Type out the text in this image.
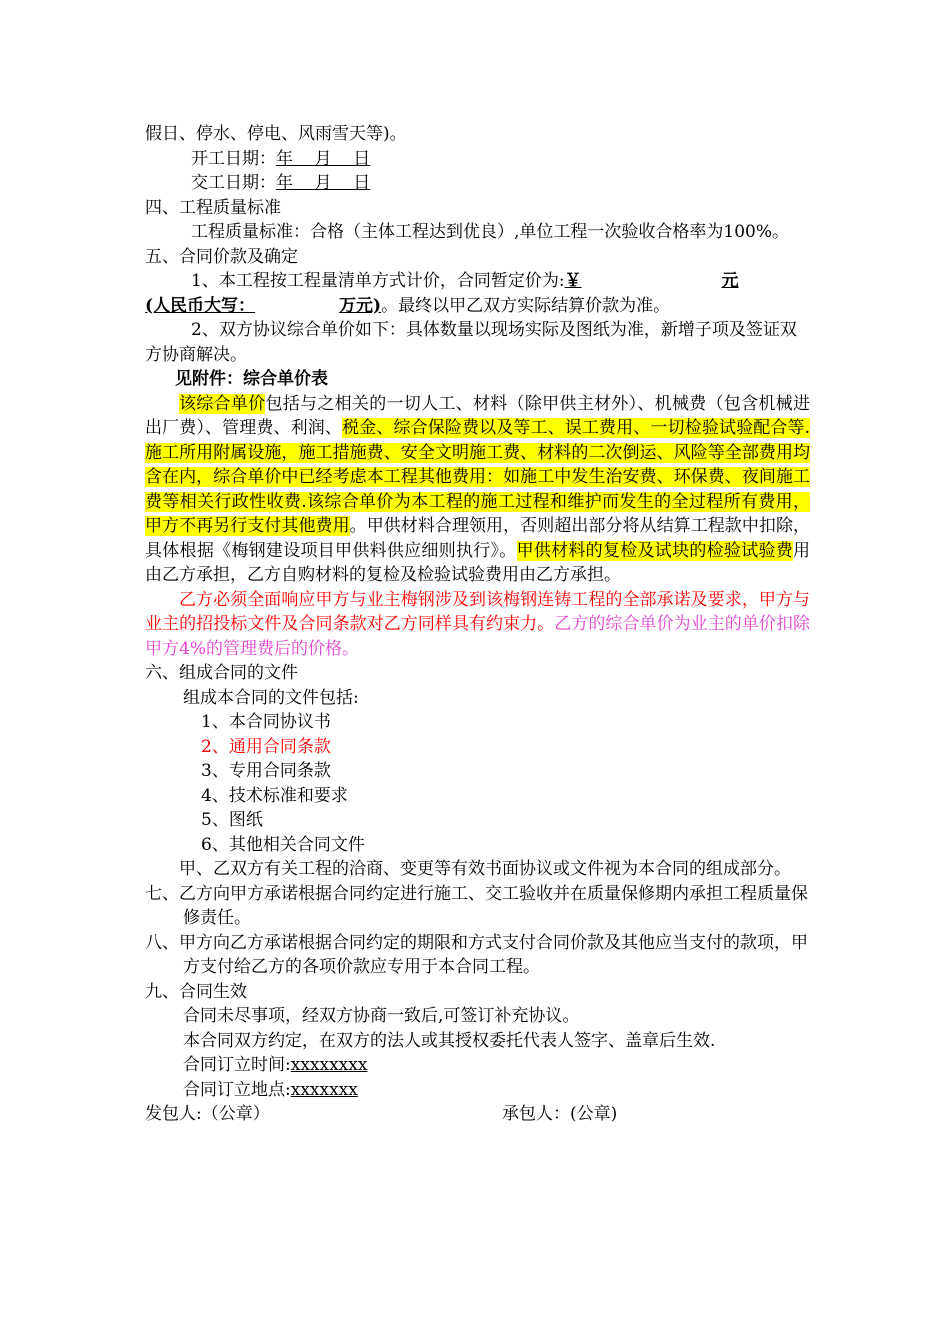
假日、停水、停电、风雨雪天等)。

开工日期：年    月    日

交工日期：年    月    日

四、工程质量标准

工程质量标准：合格（主体工程达到优良）,单位工程一次验收合格率为100%。

五、合同价款及确定

1、本工程按工程量清单方式计价，合同暂定价为:￥	元
(人民币大写：	万元)。最终以甲乙双方实际结算价款为准。

2、双方协议综合单价如下：具体数量以现场实际及图纸为准，新增子项及签证双方协商解决。

见附件：综合单价表

该综合单价包括与之相关的一切人工、材料（除甲供主材外）、机械费（包含机械进出厂费）、管理费、利润、税金、综合保险费以及等工、误工费用、一切检验试验配合等.施工所用附属设施，施工措施费、安全文明施工费、材料的二次倒运、风险等全部费用均含在内，综合单价中已经考虑本工程其他费用：如施工中发生治安费、环保费、夜间施工费等相关行政性收费.该综合单价为本工程的施工过程和维护而发生的全过程所有费用，甲方不再另行支付其他费用。甲供材料合理领用，否则超出部分将从结算工程款中扣除，具体根据《梅钢建设项目甲供料供应细则执行》。甲供材料的复检及试块的检验试验费用由乙方承担，乙方自购材料的复检及检验试验费用由乙方承担。

乙方必须全面响应甲方与业主梅钢涉及到该梅钢连铸工程的全部承诺及要求，甲方与业主的招投标文件及合同条款对乙方同样具有约束力。乙方的综合单价为业主的单价扣除甲方4%的管理费后的价格。

六、组成合同的文件

组成本合同的文件包括:

1、本合同协议书

2、通用合同条款

3、专用合同条款

4、技术标准和要求

5、图纸

6、其他相关合同文件

甲、乙双方有关工程的洽商、变更等有效书面协议或文件视为本合同的组成部分。

七、乙方向甲方承诺根据合同约定进行施工、交工验收并在质量保修期内承担工程质量保修责任。

八、甲方向乙方承诺根据合同约定的期限和方式支付合同价款及其他应当支付的款项，甲方支付给乙方的各项价款应专用于本合同工程。

九、合同生效

合同未尽事项，经双方协商一致后,可签订补充协议。

本合同双方约定，在双方的法人或其授权委托代表人签字、盖章后生效.

合同订立时间:xxxxxxxx

合同订立地点:xxxxxxx

发包人:（公章）	承包人：(公章)
